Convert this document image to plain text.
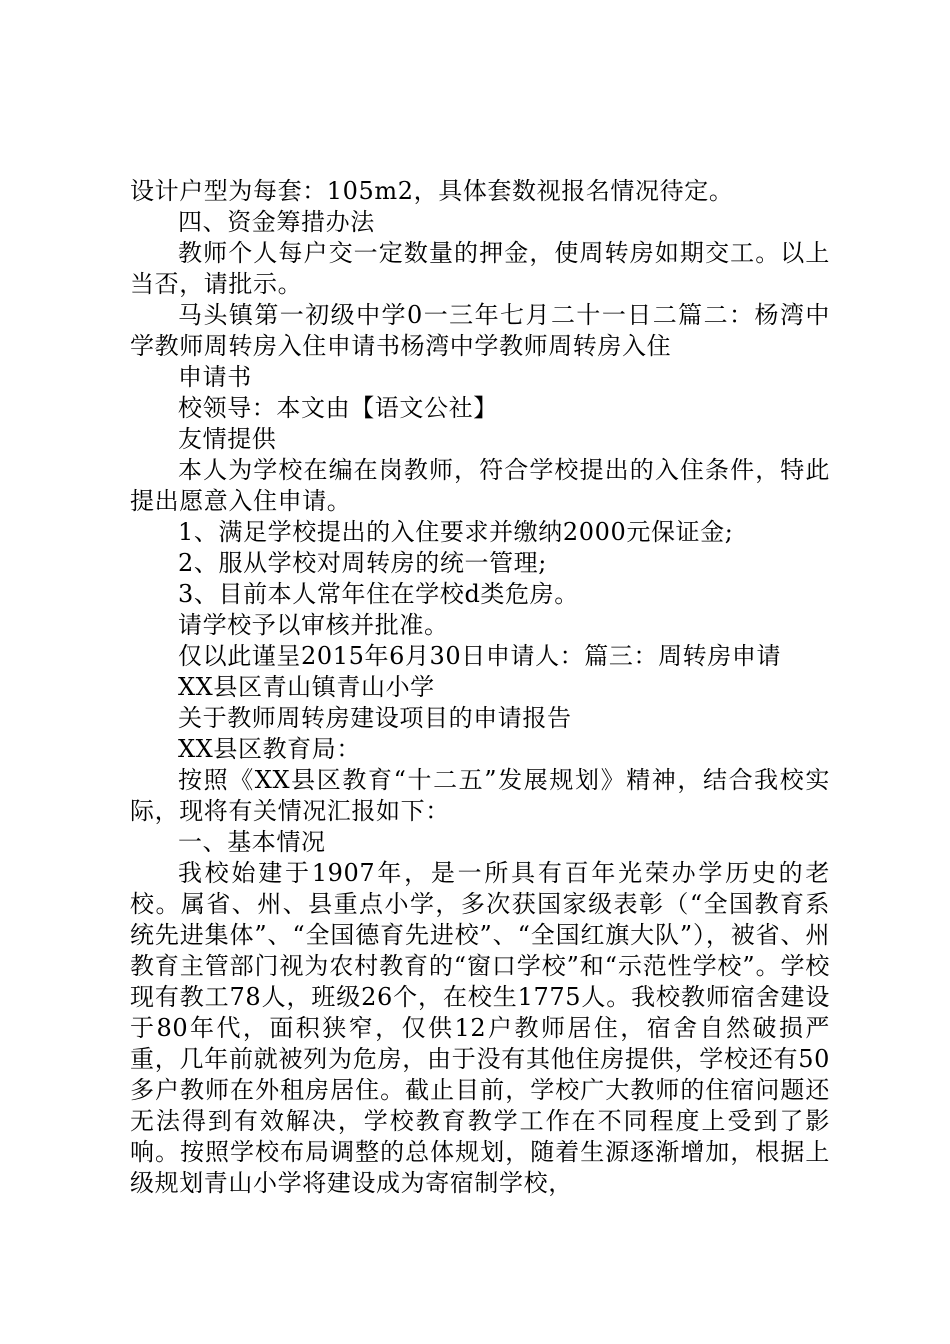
设计户型为每套：105m2，具体套数视报名情况待定。

四、资金筹措办法

教师个人每户交一定数量的押金，使周转房如期交工。以上当否，请批示。

马头镇第一初级中学0一三年七月二十一日二篇二：杨湾中学教师周转房入住申请书杨湾中学教师周转房入住

申请书

校领导：本文由【语文公社】

友情提供

本人为学校在编在岗教师，符合学校提出的入住条件，特此提出愿意入住申请。

1、满足学校提出的入住要求并缴纳2000元保证金;

2、服从学校对周转房的统一管理;

3、目前本人常年住在学校d类危房。

请学校予以审核并批准。

仅以此谨呈2015年6月30日申请人：篇三：周转房申请

XX县区青山镇青山小学

关于教师周转房建设项目的申请报告

XX县区教育局：

按照《XX县区教育“十二五”发展规划》精神，结合我校实际，现将有关情况汇报如下：

一、基本情况

我校始建于1907年，是一所具有百年光荣办学历史的老校。属省、州、县重点小学，多次获国家级表彰（“全国教育系统先进集体”、“全国德育先进校”、“全国红旗大队”），被省、州教育主管部门视为农村教育的“窗口学校”和“示范性学校”。学校现有教工78人，班级26个，在校生1775人。我校教师宿舍建设于80年代，面积狭窄，仅供12户教师居住，宿舍自然破损严重，几年前就被列为危房，由于没有其他住房提供，学校还有50多户教师在外租房居住。截止目前，学校广大教师的住宿问题还无法得到有效解决，学校教育教学工作在不同程度上受到了影响。按照学校布局调整的总体规划，随着生源逐渐增加，根据上级规划青山小学将建设成为寄宿制学校，
